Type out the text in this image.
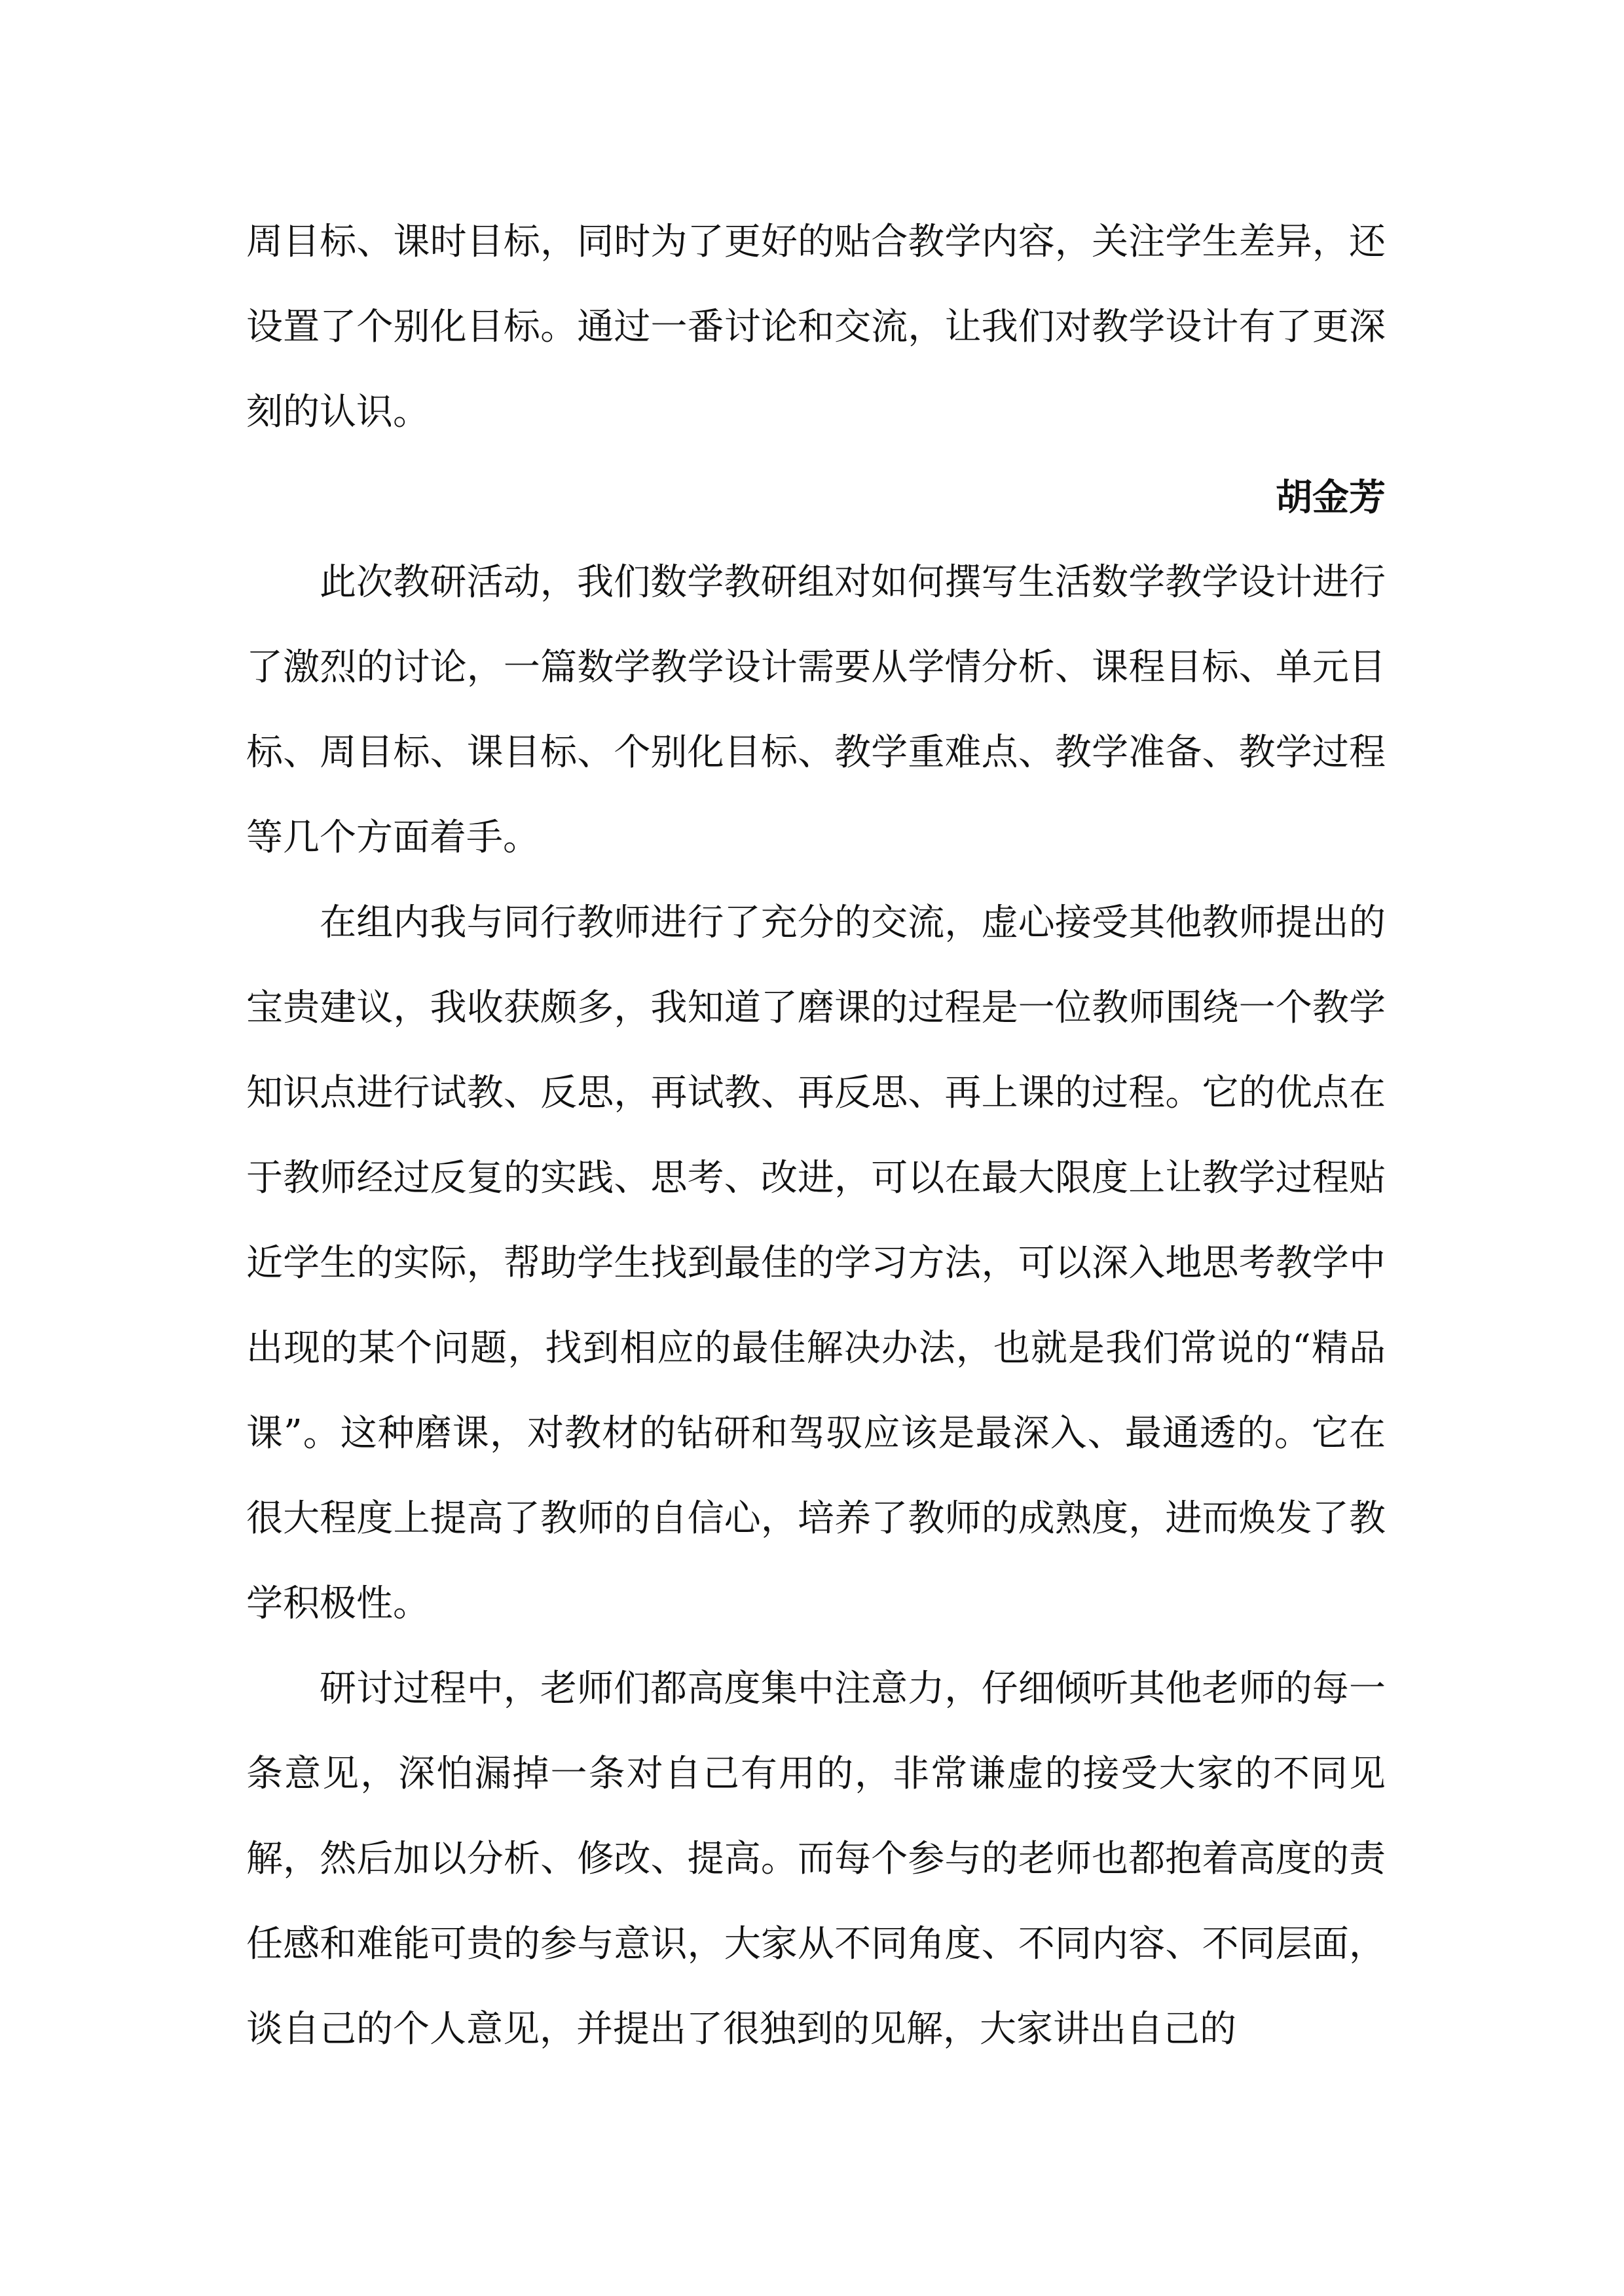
周目标、课时目标，同时为了更好的贴合教学内容，关注学生差异，还设置了个别化目标。通过一番讨论和交流，让我们对教学设计有了更深刻的认识。

胡金芳

此次教研活动，我们数学教研组对如何撰写生活数学教学设计进行了激烈的讨论，一篇数学教学设计需要从学情分析、课程目标、单元目标、周目标、课目标、个别化目标、教学重难点、教学准备、教学过程等几个方面着手。

在组内我与同行教师进行了充分的交流，虚心接受其他教师提出的宝贵建议，我收获颇多，我知道了磨课的过程是一位教师围绕一个教学知识点进行试教、反思，再试教、再反思、再上课的过程。它的优点在于教师经过反复的实践、思考、改进，可以在最大限度上让教学过程贴近学生的实际，帮助学生找到最佳的学习方法，可以深入地思考教学中出现的某个问题，找到相应的最佳解决办法，也就是我们常说的“精品课”。这种磨课，对教材的钻研和驾驭应该是最深入、最通透的。它在很大程度上提高了教师的自信心，培养了教师的成熟度，进而焕发了教学积极性。

研讨过程中，老师们都高度集中注意力，仔细倾听其他老师的每一条意见，深怕漏掉一条对自己有用的，非常谦虚的接受大家的不同见解，然后加以分析、修改、提高。而每个参与的老师也都抱着高度的责任感和难能可贵的参与意识，大家从不同角度、不同内容、不同层面，谈自己的个人意见，并提出了很独到的见解，大家讲出自己的
